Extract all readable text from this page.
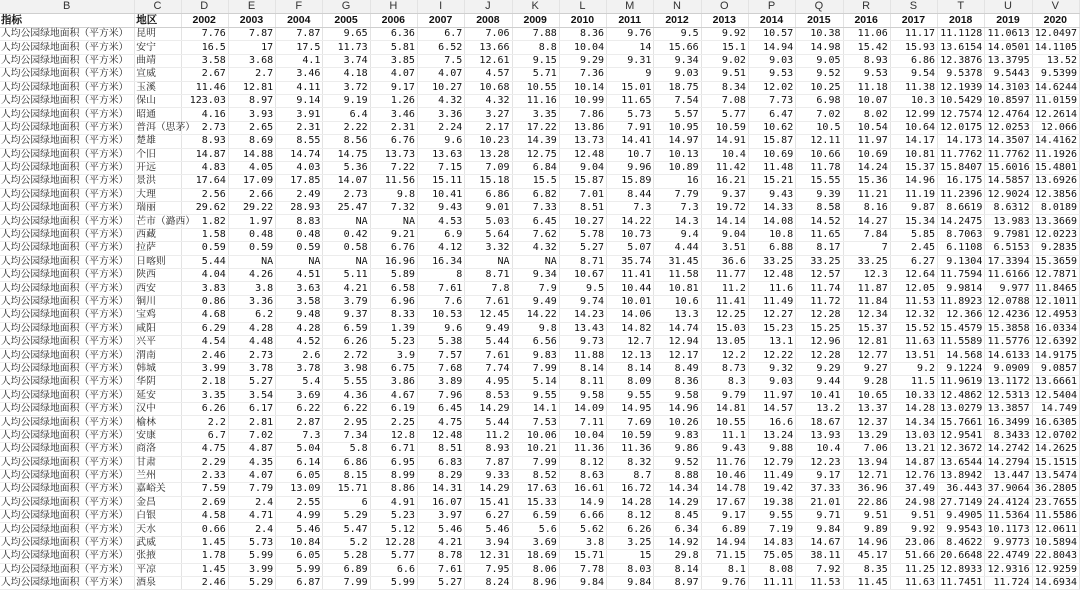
B	C	D	E	F	G	H	I	J	K	L	M	N	O	P	Q	R	S	T	U	V
指标	地区	2002	2003	2004	2005	2006	2007	2008	2009	2010	2011	2012	2013	2014	2015	2016	2017	2018	2019	2020
人均公园绿地面积（平方米）	昆明	7.76	7.87	7.87	9.65	6.36	6.7	7.06	7.88	8.36	9.76	9.5	9.92	10.57	10.38	11.06	11.17	11.1128	11.0613	12.0497
人均公园绿地面积（平方米）	安宁	16.5	17	17.5	11.73	5.81	6.52	13.66	8.8	10.04	14	15.66	15.1	14.94	14.98	15.42	15.93	13.6154	14.0501	14.1105
人均公园绿地面积（平方米）	曲靖	3.58	3.68	4.1	3.74	3.85	7.5	12.61	9.15	9.29	9.31	9.34	9.02	9.03	9.05	8.93	6.86	12.3876	13.3795	13.52
人均公园绿地面积（平方米）	宣威	2.67	2.7	3.46	4.18	4.07	4.07	4.57	5.71	7.36	9	9.03	9.51	9.53	9.52	9.53	9.54	9.5378	9.5443	9.5399
人均公园绿地面积（平方米）	玉溪	11.46	12.81	4.11	3.72	9.17	10.27	10.68	10.55	10.14	15.01	18.75	8.34	12.02	10.25	11.18	11.38	12.1939	14.3103	14.6244
人均公园绿地面积（平方米）	保山	123.03	8.97	9.14	9.19	1.26	4.32	4.32	11.16	10.99	11.65	7.54	7.08	7.73	6.98	10.07	10.3	10.5429	10.8597	11.0159
人均公园绿地面积（平方米）	昭通	4.16	3.93	3.91	6.4	3.46	3.36	3.27	3.35	7.86	5.73	5.57	5.77	6.47	7.02	8.02	12.99	12.7574	12.4764	12.2614
人均公园绿地面积（平方米）	普洱（思茅）	2.73	2.65	2.31	2.22	2.31	2.24	2.17	17.22	13.86	7.91	10.95	10.59	10.62	10.5	10.54	10.64	12.0175	12.0253	12.066
人均公园绿地面积（平方米）	楚雄	8.93	8.69	8.55	8.56	6.76	9.6	10.23	14.39	13.73	14.41	14.97	14.91	15.87	12.11	11.97	14.17	14.173	14.3507	14.4162
人均公园绿地面积（平方米）	个旧	14.87	14.88	14.74	14.75	13.73	13.63	13.28	12.75	12.48	10.7	10.13	10.4	10.69	10.66	10.69	10.81	11.7762	11.7762	11.1926
人均公园绿地面积（平方米）	开远	4.83	4.05	4.03	5.36	7.22	7.15	7.09	6.84	9.04	9.96	10.89	11.42	11.48	11.78	14.24	15.37	15.8407	15.6016	15.4801
人均公园绿地面积（平方米）	景洪	17.64	17.09	17.85	14.07	11.56	15.11	15.18	15.5	15.87	15.89	16	16.21	15.21	15.55	15.36	14.96	16.175	14.5857	13.6926
人均公园绿地面积（平方米）	大理	2.56	2.66	2.49	2.73	9.8	10.41	6.86	6.82	7.01	8.44	7.79	9.37	9.43	9.39	11.21	11.19	11.2396	12.9024	12.3856
人均公园绿地面积（平方米）	瑞丽	29.62	29.22	28.93	25.47	7.32	9.43	9.01	7.33	8.51	7.3	7.3	19.72	14.33	8.58	8.16	9.87	8.6619	8.6312	8.0189
人均公园绿地面积（平方米）	芒市（潞西）	1.82	1.97	8.83	NA	NA	4.53	5.03	6.45	10.27	14.22	14.3	14.14	14.08	14.52	14.27	15.34	14.2475	13.983	13.3669
人均公园绿地面积（平方米）	西藏	1.58	0.48	0.48	0.42	9.21	6.9	5.64	7.62	5.78	10.73	9.4	9.04	10.8	11.65	7.84	5.85	8.7063	9.7981	12.0223
人均公园绿地面积（平方米）	拉萨	0.59	0.59	0.59	0.58	6.76	4.12	3.32	4.32	5.27	5.07	4.44	3.51	6.88	8.17	7	2.45	6.1108	6.5153	9.2835
人均公园绿地面积（平方米）	日喀则	5.44	NA	NA	NA	16.96	16.34	NA	NA	8.71	35.74	31.45	36.6	33.25	33.25	33.25	6.27	9.1304	17.3394	15.3659
人均公园绿地面积（平方米）	陕西	4.04	4.26	4.51	5.11	5.89	8	8.71	9.34	10.67	11.41	11.58	11.77	12.48	12.57	12.3	12.64	11.7594	11.6166	12.7871
人均公园绿地面积（平方米）	西安	3.83	3.8	3.63	4.21	6.58	7.61	7.8	7.9	9.5	10.44	10.81	11.2	11.6	11.74	11.87	12.05	9.9814	9.977	11.8465
人均公园绿地面积（平方米）	铜川	0.86	3.36	3.58	3.79	6.96	7.6	7.61	9.49	9.74	10.01	10.6	11.41	11.49	11.72	11.84	11.53	11.8923	12.0788	12.1011
人均公园绿地面积（平方米）	宝鸡	4.68	6.2	9.48	9.37	8.33	10.53	12.45	14.22	14.23	14.06	13.3	12.25	12.27	12.28	12.34	12.32	12.366	12.4236	12.4953
人均公园绿地面积（平方米）	咸阳	6.29	4.28	4.28	6.59	1.39	9.6	9.49	9.8	13.43	14.82	14.74	15.03	15.23	15.25	15.37	15.52	15.4579	15.3858	16.0334
人均公园绿地面积（平方米）	兴平	4.54	4.48	4.52	6.26	5.23	5.38	5.44	6.56	9.73	12.7	12.94	13.05	13.1	12.96	12.81	11.63	11.5589	11.5776	12.6392
人均公园绿地面积（平方米）	渭南	2.46	2.73	2.6	2.72	3.9	7.57	7.61	9.83	11.88	12.13	12.17	12.2	12.22	12.28	12.77	13.51	14.568	14.6133	14.9175
人均公园绿地面积（平方米）	韩城	3.99	3.78	3.78	3.98	6.75	7.68	7.74	7.99	8.14	8.14	8.49	8.73	9.32	9.29	9.27	9.2	9.1224	9.0909	9.0857
人均公园绿地面积（平方米）	华阴	2.18	5.27	5.4	5.55	3.86	3.89	4.95	5.14	8.11	8.09	8.36	8.3	9.03	9.44	9.28	11.5	11.9619	13.1172	13.6661
人均公园绿地面积（平方米）	延安	3.35	3.54	3.69	4.36	4.67	7.96	8.53	9.55	9.58	9.55	9.58	9.79	11.97	10.41	10.65	10.33	12.4862	12.5313	12.5404
人均公园绿地面积（平方米）	汉中	6.26	6.17	6.22	6.22	6.19	6.45	14.29	14.1	14.09	14.95	14.96	14.81	14.57	13.2	13.37	14.28	13.0279	13.3857	14.749
人均公园绿地面积（平方米）	榆林	2.2	2.81	2.87	2.95	2.25	4.75	5.44	7.53	7.11	7.69	10.26	10.55	16.6	18.67	12.37	14.34	15.7661	16.3499	16.6305
人均公园绿地面积（平方米）	安康	6.7	7.02	7.3	7.34	12.8	12.48	11.2	10.06	10.04	10.59	9.83	11.1	13.24	13.93	13.29	13.03	12.9541	8.3433	12.0702
人均公园绿地面积（平方米）	商洛	4.75	4.87	5.04	5.8	6.71	8.51	8.93	10.21	11.36	11.36	9.86	9.43	9.88	10.4	7.06	13.21	12.3672	14.2742	14.2625
人均公园绿地面积（平方米）	甘肃	2.29	4.35	6.14	6.86	6.95	6.83	7.87	7.99	8.12	8.32	9.52	11.76	12.79	12.23	13.94	14.87	13.6544	14.2794	15.1515
人均公园绿地面积（平方米）	兰州	2.33	4.07	6.05	8.15	8.99	8.29	9.33	8.52	8.63	8.7	8.88	10.46	11.49	9.17	12.71	12.76	13.8942	13.447	13.5474
人均公园绿地面积（平方米）	嘉峪关	7.59	7.79	13.09	15.71	8.86	14.31	14.29	17.63	16.61	16.72	14.34	14.78	19.42	37.33	36.96	37.49	36.443	37.9064	36.2805
人均公园绿地面积（平方米）	金昌	2.69	2.4	2.55	6	4.91	16.07	15.41	15.33	14.9	14.28	14.29	17.67	19.38	21.01	22.86	24.98	27.7149	24.4124	23.7655
人均公园绿地面积（平方米）	白银	4.58	4.71	4.99	5.29	5.23	3.97	6.27	6.59	6.66	8.12	8.45	9.17	9.55	9.71	9.51	9.51	9.4905	11.5364	11.5586
人均公园绿地面积（平方米）	天水	0.66	2.4	5.46	5.47	5.12	5.46	5.46	5.6	5.62	6.26	6.34	6.89	7.19	9.84	9.89	9.92	9.9543	10.1173	12.0611
人均公园绿地面积（平方米）	武威	1.45	5.73	10.84	5.2	12.28	4.21	3.94	3.69	3.8	3.25	14.92	14.94	14.83	14.67	14.96	23.06	8.4622	9.9773	10.5894
人均公园绿地面积（平方米）	张掖	1.78	5.99	6.05	5.28	5.77	8.78	12.31	18.69	15.71	15	29.8	71.15	75.05	38.11	45.17	51.66	20.6648	22.4749	22.8043
人均公园绿地面积（平方米）	平凉	1.45	3.99	5.99	6.89	6.6	7.61	7.95	8.06	7.78	8.03	8.14	8.1	8.08	7.92	8.35	11.25	12.8933	12.9316	12.9259
人均公园绿地面积（平方米）	酒泉	2.46	5.29	6.87	7.99	5.99	5.27	8.24	8.96	9.84	9.84	8.97	9.76	11.11	11.53	11.45	11.63	11.7451	11.724	14.6934
